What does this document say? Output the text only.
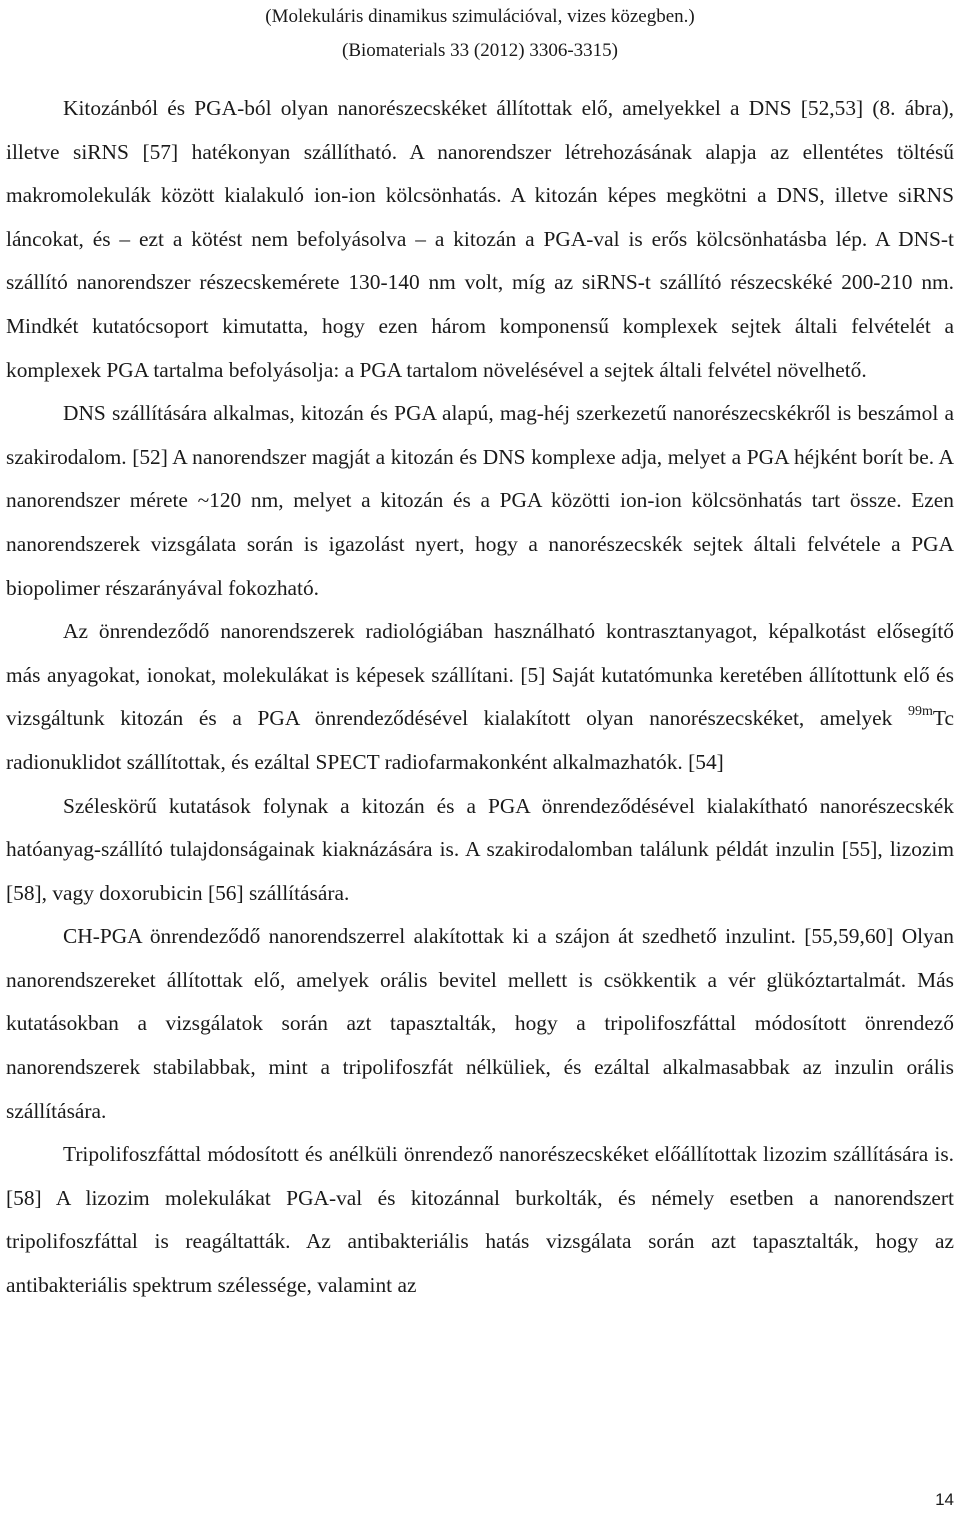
(Molekuláris dinamikus szimulációval, vizes közegben.)
(Biomaterials 33 (2012) 3306-3315)

Kitozánból és PGA-ból olyan nanorészecskéket állítottak elő, amelyekkel a DNS [52,53] (8. ábra), illetve siRNS [57] hatékonyan szállítható. A nanorendszer létrehozásának alapja az ellentétes töltésű makromolekulák között kialakuló ion-ion kölcsönhatás. A kitozán képes megkötni a DNS, illetve siRNS láncokat, és – ezt a kötést nem befolyásolva – a kitozán a PGA-val is erős kölcsönhatásba lép. A DNS-t szállító nanorendszer részecskemérete 130-140 nm volt, míg az siRNS-t szállító részecskéké 200-210 nm. Mindkét kutatócsoport kimutatta, hogy ezen három komponensű komplexek sejtek általi felvételét a komplexek PGA tartalma befolyásolja: a PGA tartalom növelésével a sejtek általi felvétel növelhető.

DNS szállítására alkalmas, kitozán és PGA alapú, mag-héj szerkezetű nanorészecskékről is beszámol a szakirodalom. [52] A nanorendszer magját a kitozán és DNS komplexe adja, melyet a PGA héjként borít be. A nanorendszer mérete ~120 nm, melyet a kitozán és a PGA közötti ion-ion kölcsönhatás tart össze. Ezen nanorendszerek vizsgálata során is igazolást nyert, hogy a nanorészecskék sejtek általi felvétele a PGA biopolimer részarányával fokozható.

Az önrendeződő nanorendszerek radiológiában használható kontrasztanyagot, képalkotást elősegítő más anyagokat, ionokat, molekulákat is képesek szállítani. [5] Saját kutatómunka keretében állítottunk elő és vizsgáltunk kitozán és a PGA önrendeződésével kialakított olyan nanorészecskéket, amelyek $^{99m}$Tc radionuklidot szállítottak, és ezáltal SPECT radiofarmakonként alkalmazhatók. [54]

Széleskörű kutatások folynak a kitozán és a PGA önrendeződésével kialakítható nanorészecskék hatóanyag-szállító tulajdonságainak kiaknázására is. A szakirodalomban találunk példát inzulin [55], lizozim [58], vagy doxorubicin [56] szállítására.

CH-PGA önrendeződő nanorendszerrel alakítottak ki a szájon át szedhető inzulint. [55,59,60] Olyan nanorendszereket állítottak elő, amelyek orális bevitel mellett is csökkentik a vér glükóztartalmát. Más kutatásokban a vizsgálatok során azt tapasztalták, hogy a tripolifoszfáttal módosított önrendező nanorendszerek stabilabbak, mint a tripolifoszfát nélküliek, és ezáltal alkalmasabbak az inzulin orális szállítására.

Tripolifoszfáttal módosított és anélküli önrendező nanorészecskéket előállítottak lizozim szállítására is. [58] A lizozim molekulákat PGA-val és kitozánnal burkolták, és némely esetben a nanorendszert tripolifoszfáttal is reagáltatták. Az antibakteriális hatás vizsgálata során azt tapasztalták, hogy az antibakteriális spektrum szélessége, valamint az

14
